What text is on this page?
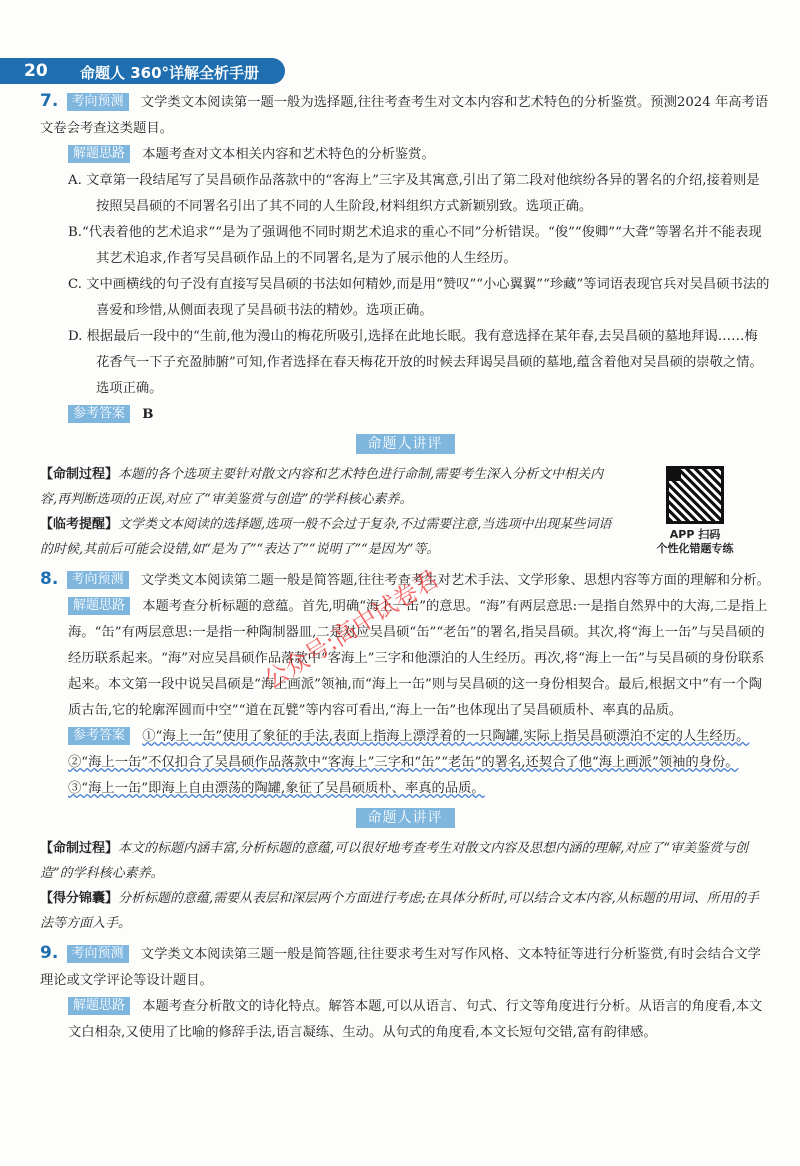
20 命题人 360°详解全析手册

7. 考向预测 文学类文本阅读第一题一般为选择题,往往考查考生对文本内容和艺术特色的分析鉴赏。预测2024 年高考语文卷会考查这类题目。

解题思路 本题考查对文本相关内容和艺术特色的分析鉴赏。

A. 文章第一段结尾写了吴昌硕作品落款中的“客海上”三字及其寓意,引出了第二段对他缤纷各异的署名的介绍,接着则是按照吴昌硕的不同署名引出了其不同的人生阶段,材料组织方式新颖别致。选项正确。

B.“代表着他的艺术追求”“是为了强调他不同时期艺术追求的重心不同”分析错误。“俊”“俊卿”“大聋”等署名并不能表现其艺术追求,作者写吴昌硕作品上的不同署名,是为了展示他的人生经历。

C. 文中画横线的句子没有直接写吴昌硕的书法如何精妙,而是用“赞叹”“小心翼翼”“珍藏”等词语表现官兵对吴昌硕书法的喜爱和珍惜,从侧面表现了吴昌硕书法的精妙。选项正确。

D. 根据最后一段中的“生前,他为漫山的梅花所吸引,选择在此地长眠。我有意选择在某年春,去吴昌硕的墓地拜谒……梅花香气一下子充盈肺腑”可知,作者选择在春天梅花开放的时候去拜谒吴昌硕的墓地,蕴含着他对吴昌硕的崇敬之情。选项正确。

参考答案 B

命题人讲评

【命制过程】本题的各个选项主要针对散文内容和艺术特色进行命制,需要考生深入分析文中相关内容,再判断选项的正误,对应了“审美鉴赏与创造”的学科核心素养。

【临考提醒】文学类文本阅读的选择题,选项一般不会过于复杂,不过需要注意,当选项中出现某些词语的时候,其前后可能会设错,如“是为了”“表达了”“说明了”“是因为”等。

APP 扫码
个性化错题专练

8. 考向预测 文学类文本阅读第二题一般是简答题,往往考查考生对艺术手法、文学形象、思想内容等方面的理解和分析。

解题思路 本题考查分析标题的意蕴。首先,明确“海上一缶”的意思。“海”有两层意思:一是指自然界中的大海,二是指上海。“缶”有两层意思:一是指一种陶制器皿,二是对应吴昌硕“缶”“老缶”的署名,指吴昌硕。其次,将“海上一缶”与吴昌硕的经历联系起来。“海”对应吴昌硕作品落款中“客海上”三字和他漂泊的人生经历。再次,将“海上一缶”与吴昌硕的身份联系起来。本文第一段中说吴昌硕是“海上画派”领袖,而“海上一缶”则与吴昌硕的这一身份相契合。最后,根据文中“有一个陶质古缶,它的轮廓浑圆而中空”“道在瓦甓”等内容可看出,“海上一缶”也体现出了吴昌硕质朴、率真的品质。

参考答案 ①“海上一缶”使用了象征的手法,表面上指海上漂浮着的一只陶罐,实际上指吴昌硕漂泊不定的人生经历。②“海上一缶”不仅扣合了吴昌硕作品落款中“客海上”三字和“缶”“老缶”的署名,还契合了他“海上画派”领袖的身份。③“海上一缶”即海上自由漂荡的陶罐,象征了吴昌硕质朴、率真的品质。

命题人讲评

【命制过程】本文的标题内涵丰富,分析标题的意蕴,可以很好地考查考生对散文内容及思想内涵的理解,对应了“审美鉴赏与创造”的学科核心素养。

【得分锦囊】分析标题的意蕴,需要从表层和深层两个方面进行考虑;在具体分析时,可以结合文本内容,从标题的用词、所用的手法等方面入手。

9. 考向预测 文学类文本阅读第三题一般是简答题,往往要求考生对写作风格、文本特征等进行分析鉴赏,有时会结合文学理论或文学评论等设计题目。

解题思路 本题考查分析散文的诗化特点。解答本题,可以从语言、句式、行文等角度进行分析。从语言的角度看,本文文白相杂,又使用了比喻的修辞手法,语言凝练、生动。从句式的角度看,本文长短句交错,富有韵律感。

公众号:高中试卷君
